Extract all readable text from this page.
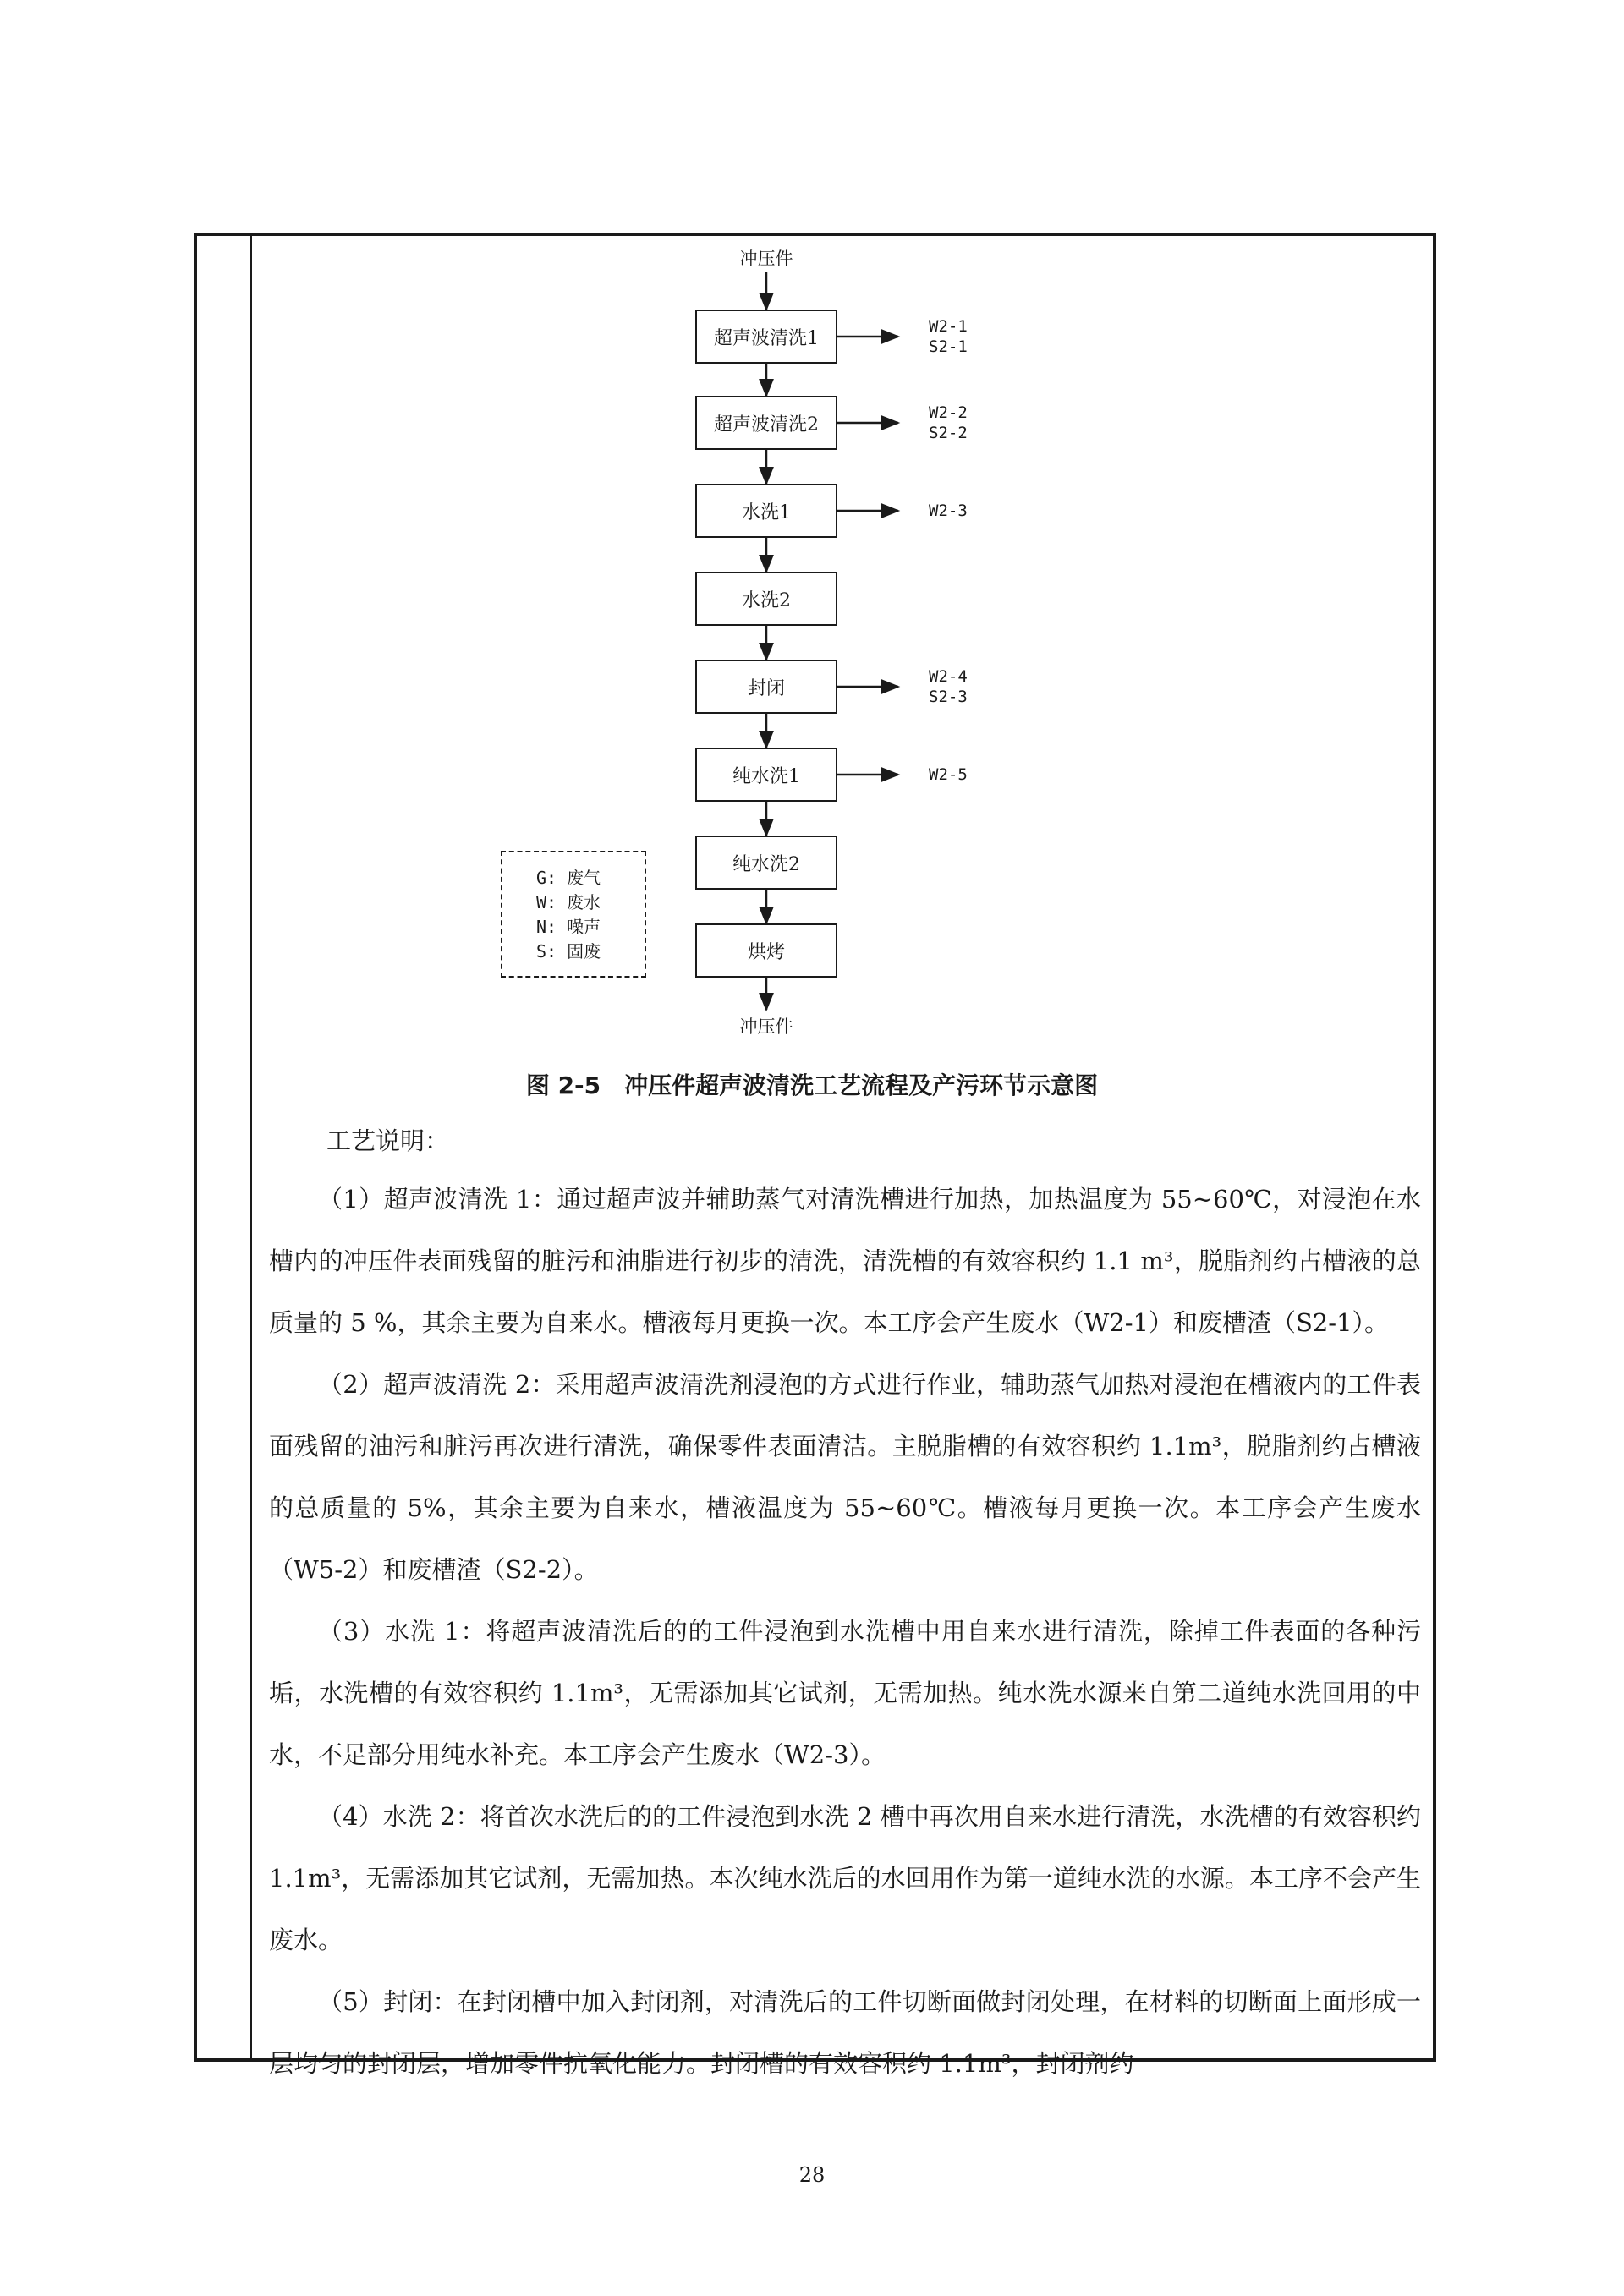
冲压件
超声波清洗1
超声波清洗2
水洗1
水洗2
封闭
纯水洗1
纯水洗2
烘烤
冲压件
W2-1
S2-1
W2-2
S2-2
W2-3
W2-4
S2-3
W2-5
G: 废气
W: 废水
N: 噪声
S: 固废
图 2-5　冲压件超声波清洗工艺流程及产污环节示意图

工艺说明：

（1）超声波清洗 1：通过超声波并辅助蒸气对清洗槽进行加热，加热温度为 55~60℃，对浸泡在水槽内的冲压件表面残留的脏污和油脂进行初步的清洗，清洗槽的有效容积约 1.1 m³，脱脂剂约占槽液的总质量的 5 %，其余主要为自来水。槽液每月更换一次。本工序会产生废水（W2-1）和废槽渣（S2-1）。

（2）超声波清洗 2：采用超声波清洗剂浸泡的方式进行作业，辅助蒸气加热对浸泡在槽液内的工件表面残留的油污和脏污再次进行清洗，确保零件表面清洁。主脱脂槽的有效容积约 1.1m³，脱脂剂约占槽液的总质量的 5%，其余主要为自来水，槽液温度为 55~60℃。槽液每月更换一次。本工序会产生废水（W5-2）和废槽渣（S2-2）。

（3）水洗 1：将超声波清洗后的的工件浸泡到水洗槽中用自来水进行清洗，除掉工件表面的各种污垢，水洗槽的有效容积约 1.1m³，无需添加其它试剂，无需加热。纯水洗水源来自第二道纯水洗回用的中水，不足部分用纯水补充。本工序会产生废水（W2-3）。

（4）水洗 2：将首次水洗后的的工件浸泡到水洗 2 槽中再次用自来水进行清洗，水洗槽的有效容积约 1.1m³，无需添加其它试剂，无需加热。本次纯水洗后的水回用作为第一道纯水洗的水源。本工序不会产生废水。

（5）封闭：在封闭槽中加入封闭剂，对清洗后的工件切断面做封闭处理，在材料的切断面上面形成一层均匀的封闭层，增加零件抗氧化能力。封闭槽的有效容积约 1.1m³，封闭剂约

28
